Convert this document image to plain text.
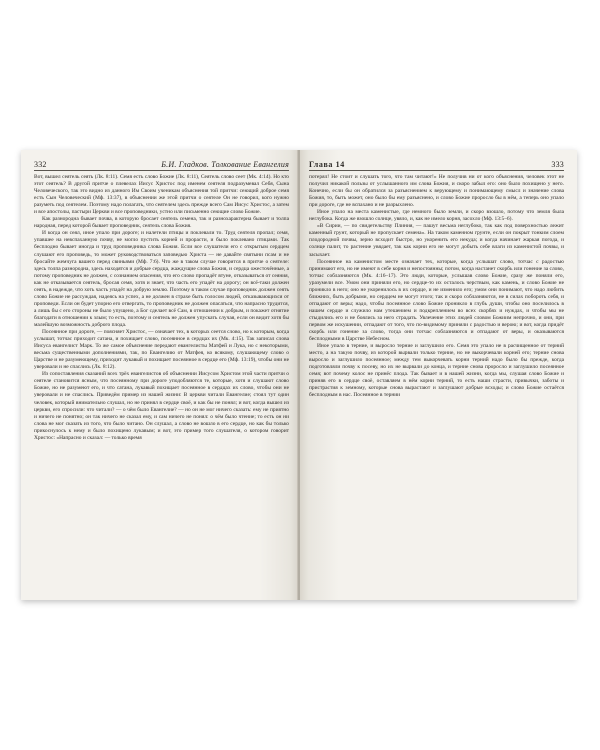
332	Б.И. Гладков. Толкование Евангелия

Вот, вышел сеятель сеять (Лк. 8:11). Семя есть слово Божие (Лк. 8:11), Сеятель слово сеет (Мк. 4:14). Но кто этот сеятель? В другой притче о плевелах Иисус Христос под именем сеятеля подразумевал Себя, Сына Человеческого, так это видно из данного Им Своим ученикам объяснения той притчи: сеющий доброе семя есть Сын Человеческий (Мф. 13:37), в объяснении же этой притчи о сеятеле Он не говорил, кого нужно разуметь под сеятелем. Поэтому надо полагать, что сеятелем здесь прежде всего Сам Иисус Христос, а затем и все апостолы, пастыри Церкви и все проповедники, устно или письменно сеющие слово Божие.

Как разнородна бывает почва, в которую бросает сеятель семена, так и разнохарактерна бывает и толпа народная, перед которой бывает проповедник, сеятель слова Божия.

И когда он сеял, иное упало при дороге; и налетели птицы и поклевали то. Труд сеятеля пропал; семя, упавшее на невспаханную почву, не могло пустить корней и прорасти, и было поклевано птицами. Так бесплодно бывает иногда и труд проповедника слова Божия. Если все слушатели его с открытым сердцем слушают его проповедь, то может руководствоваться заповедью Христа — не давайте святыни псам и не бросайте жемчуга вашего перед свиньями (Мф. 7:6). Что же в таком случае говорится в притче о сеятеле: здесь толпа разнородна, здесь находятся и добрые сердца, жаждущие слова Божия, и сердца ожесточённые, а потому проповедник не должен, с сознанием опасения, что его слово пропадёт втуне, отказываться от сеяния, как не отказывается сеятель, бросая семя, хотя и знает, что часть его упадёт на дорогу; он всё-таки должен сеять, в надежде, что хоть часть упадёт на добрую землю. Поэтому в таком случае проповедник должен сеять слово Божие не рассуждая, надеясь на успех, а не должен в страхе быть голосом людей, отказывающихся от проповеди. Если он будет упорно его отвергать, то проповедник не должен опасаться, что напрасно трудится, а лишь бы с его стороны не было упущено, а Бог сделает всё Сам, в отношении к добрым, и покажет отнятие благодати в отношении к злым; то есть, поэтому и сеятель не должен упускать случая, если он видит хотя бы малейшую возможность доброго плода.

Посеянное при дороге, — поясняет Христос, — означает тех, в которых сеется слово, но к которым, когда услышат, тотчас приходит сатана, и похищает слово, посеянное в сердцах их (Мк. 4:15). Так записал слова Иисуса евангелист Марк. То же самое объяснение передают евангелисты Матфей и Лука, но с некоторыми, весьма существенными дополнениями, так, по Евангелию от Матфея, ко всякому, слушающему слово о Царстве и не разумеющему, приходит лукавый и похищает посеянное в сердце его (Мф. 13:19), чтобы они не уверовали и не спаслись (Лк. 8:12).

Из сопоставления сказаний всех трёх евангелистов об объяснении Иисусом Христом этой части притчи о сеятеле становится ясным, что посеянному при дороге уподобляются те, которые, хотя и слушают слово Божие, но не разумеют его, и что сатана, лукавый похищает посеянное в сердцах их слово, чтобы они не уверовали и не спаслись. Приведём пример из нашей жизни: В церкви читали Евангелие; стоял тут один человек, который внимательно слушал, но не принял в сердце своё, и как бы не понял; и вот, когда вышел из церкви, его спросили: что читали? — о чём было Евангелие? — но он не мог ничего сказать: ему не приятно и ничего не понятно; он так ничего не сказал ему, и сам ничего не понял: о чём было чтение; то есть он ни слова не мог сказать из того, что было читано. Он слушал, а слово не вошло в его сердце, но как бы только прикоснулось к нему и было похищено лукавым; и вот, это пример того слушателя, о котором говорит Христос: «Напрасно и сказал: — только время

Глава 14	333

потерял! Не стоит и слушать того, что там читают!» Не получив ни от кого объяснения, человек этот не получил никакой пользы от услышанного им слова Божия, и скоро забыл его: оно было похищено у него. Конечно, если бы он обратился за разъяснением к верующему и понимающему смысл и значение слова Божия, то, быть может, оно было бы ему разъяснено, и слово Божие проросло бы в нём, а теперь оно упало при дороге, где не вспахано и не разрыхлено.

Иное упало на места каменистые, где немного было земли, и скоро взошло, потому что земля была неглубока. Когда же взошло солнце, увяло, и, как не имело корня, засохло (Мф. 13:5–6).

«В Сирии, — по свидетельству Плиния, — пашут весьма неглубоко, так как под поверхностью лежит каменный грунт, который не пропускает семена». На таком каменном грунте, если он покрыт тонким слоем плодородной почвы, зерно всходит быстро, но укоренить его некуда; и когда начинает жаркая погода, и солнце палит, то растение увядает, так как корни его не могут добыть себе влаги из каменистой почвы, и засыхает.

Посеянное на каменистом месте означает тех, которые, когда услышат слово, тотчас с радостью принимают его, но не имеют в себе корня и непостоянны; потом, когда настанет скорбь или гонение за слово, тотчас соблазняются (Мк. 4:16–17). Это люди, которые, услышав слово Божие, сразу же поняли его, уразумели все. Умом они приняли его, но сердце-то их осталось черствым, как камень, и слово Божие не проникло в него; оно не укоренилось в их сердце, и не изменило его; умом они понимают, что надо любить ближних, быть добрыми, но сердцем не могут этого; так и скоро соблазняются, не в силах побороть себя, и отпадают от веры; надо, чтобы посеянное слово Божие проникло в глубь души, чтобы оно поселилось в нашем сердце и служило нам утешением и подкреплением во всех скорбях и нуждах, и чтобы мы не стыдились его и не боялись за него страдать. Увлечение этих людей словом Божиим непрочно, и они, при первом же искушении, отпадают от того, что по-видимому приняли с радостью и верою; и вот, когда придёт скорбь или гонение за слово, тогда они тотчас соблазняются и отпадают от веры, и оказываются бесплодными в Царстве Небесном.

Иное упало в терние, и выросло терние и заглушило его. Семя это упало не в расчищенное от терний место, а на такую почву, из которой вырвали только терние, но не выкорчевали корней его; терние снова выросло и заглушило посеянное; между тем выкорчевать корни терний надо было бы прежде, когда подготовляли почву к посеву, но их не вырвали до конца, и терние снова проросло и заглушило посеянное семя; вот почему колос не принёс плода. Так бывает и в нашей жизни, когда мы, слушая слово Божие и приняв его в сердце своё, оставляем в нём корни терний, то есть наши страсти, привычки, заботы и пристрастия к земному, которые снова вырастают и заглушают добрые всходы; и слово Божие остаётся бесплодным в нас. Посеянное в тернии
